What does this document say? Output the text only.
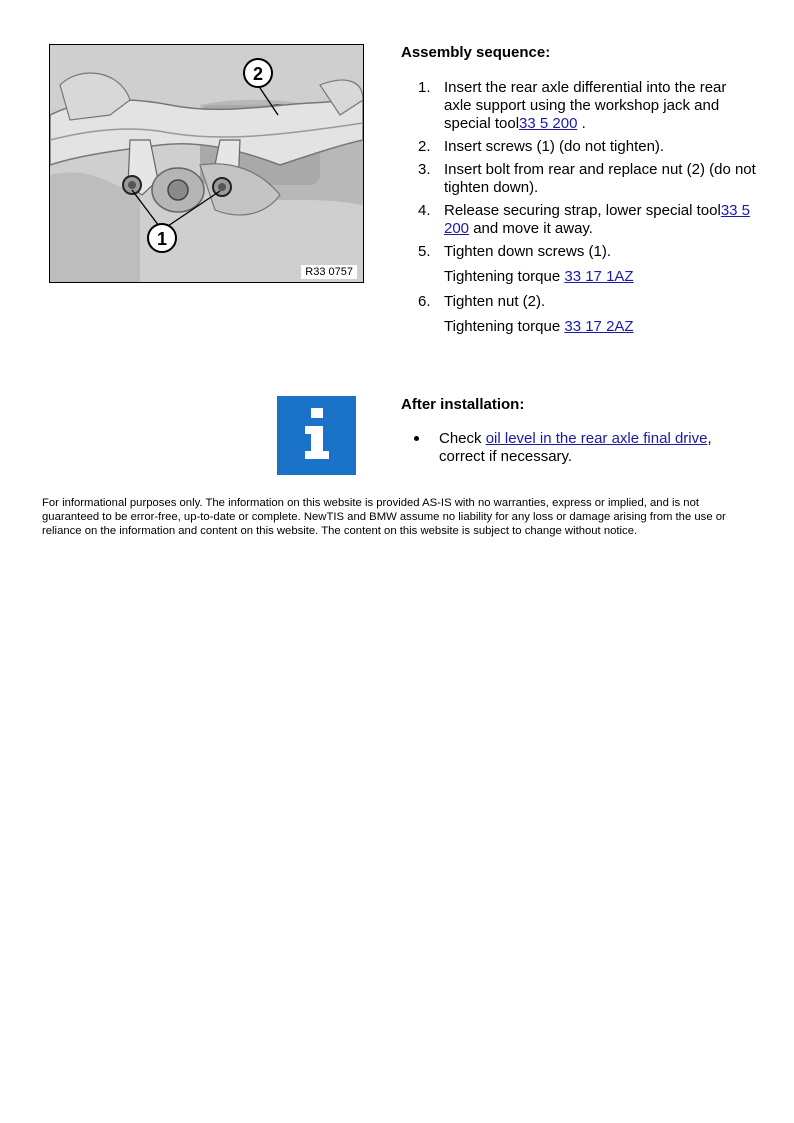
1
2
R33 0757
Assembly sequence:
1. Insert the rear axle differential into the rear axle support using the workshop jack and special tool33 5 200 .
2. Insert screws (1) (do not tighten).
3. Insert bolt from rear and replace nut (2) (do not tighten down).
4. Release securing strap, lower special tool33 5 200 and move it away.
5. Tighten down screws (1).
Tightening torque 33 17 1AZ
6. Tighten nut (2).
Tightening torque 33 17 2AZ
After installation:
Check oil level in the rear axle final drive, correct if necessary.
For informational purposes only. The information on this website is provided AS-IS with no warranties, express or implied, and is not guaranteed to be error-free, up-to-date or complete. NewTIS and BMW assume no liability for any loss or damage arising from the use or reliance on the information and content on this website. The content on this website is subject to change without notice.
